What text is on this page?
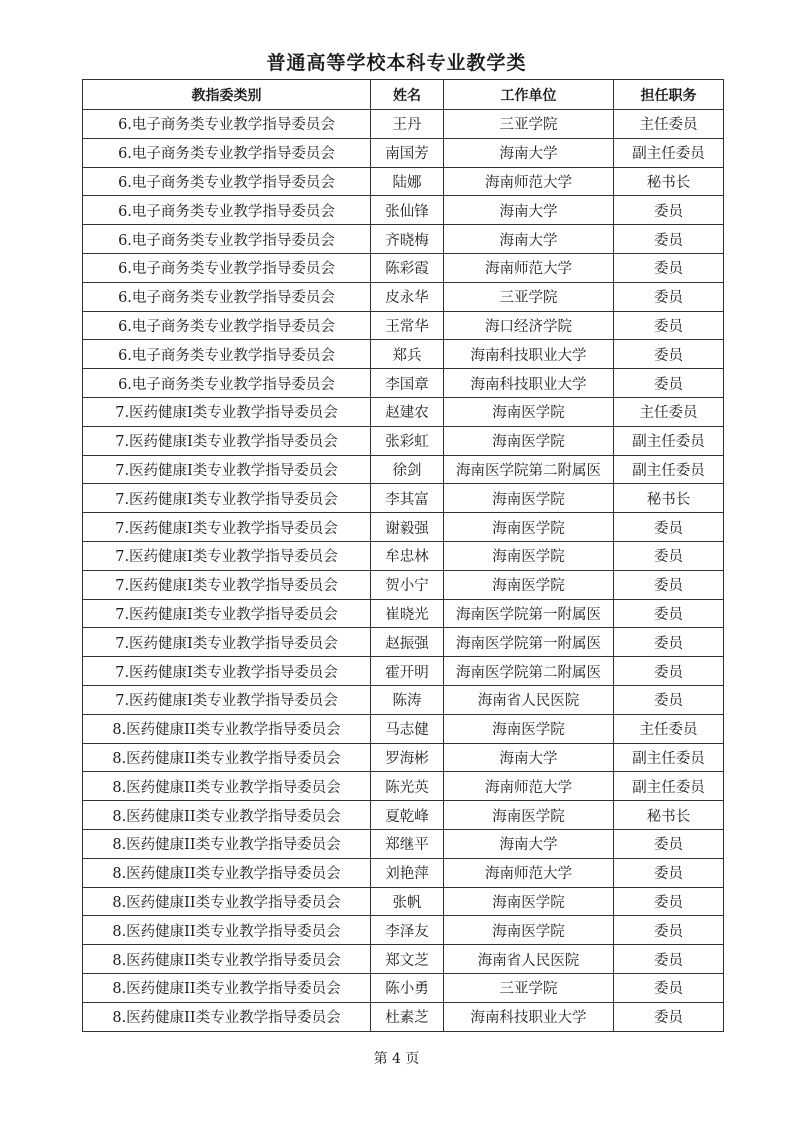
普通高等学校本科专业教学类
教指委类别	姓名	工作单位	担任职务
6.电子商务类专业教学指导委员会	王丹	三亚学院	主任委员
6.电子商务类专业教学指导委员会	南国芳	海南大学	副主任委员
6.电子商务类专业教学指导委员会	陆娜	海南师范大学	秘书长
6.电子商务类专业教学指导委员会	张仙锋	海南大学	委员
6.电子商务类专业教学指导委员会	齐晓梅	海南大学	委员
6.电子商务类专业教学指导委员会	陈彩霞	海南师范大学	委员
6.电子商务类专业教学指导委员会	皮永华	三亚学院	委员
6.电子商务类专业教学指导委员会	王常华	海口经济学院	委员
6.电子商务类专业教学指导委员会	郑兵	海南科技职业大学	委员
6.电子商务类专业教学指导委员会	李国章	海南科技职业大学	委员
7.医药健康I类专业教学指导委员会	赵建农	海南医学院	主任委员
7.医药健康I类专业教学指导委员会	张彩虹	海南医学院	副主任委员
7.医药健康I类专业教学指导委员会	徐剑	海南医学院第二附属医	副主任委员
7.医药健康I类专业教学指导委员会	李其富	海南医学院	秘书长
7.医药健康I类专业教学指导委员会	谢毅强	海南医学院	委员
7.医药健康I类专业教学指导委员会	牟忠林	海南医学院	委员
7.医药健康I类专业教学指导委员会	贺小宁	海南医学院	委员
7.医药健康I类专业教学指导委员会	崔晓光	海南医学院第一附属医	委员
7.医药健康I类专业教学指导委员会	赵振强	海南医学院第一附属医	委员
7.医药健康I类专业教学指导委员会	霍开明	海南医学院第二附属医	委员
7.医药健康I类专业教学指导委员会	陈涛	海南省人民医院	委员
8.医药健康II类专业教学指导委员会	马志健	海南医学院	主任委员
8.医药健康II类专业教学指导委员会	罗海彬	海南大学	副主任委员
8.医药健康II类专业教学指导委员会	陈光英	海南师范大学	副主任委员
8.医药健康II类专业教学指导委员会	夏乾峰	海南医学院	秘书长
8.医药健康II类专业教学指导委员会	郑继平	海南大学	委员
8.医药健康II类专业教学指导委员会	刘艳萍	海南师范大学	委员
8.医药健康II类专业教学指导委员会	张帆	海南医学院	委员
8.医药健康II类专业教学指导委员会	李泽友	海南医学院	委员
8.医药健康II类专业教学指导委员会	郑文芝	海南省人民医院	委员
8.医药健康II类专业教学指导委员会	陈小勇	三亚学院	委员
8.医药健康II类专业教学指导委员会	杜素芝	海南科技职业大学	委员
第 4 页
